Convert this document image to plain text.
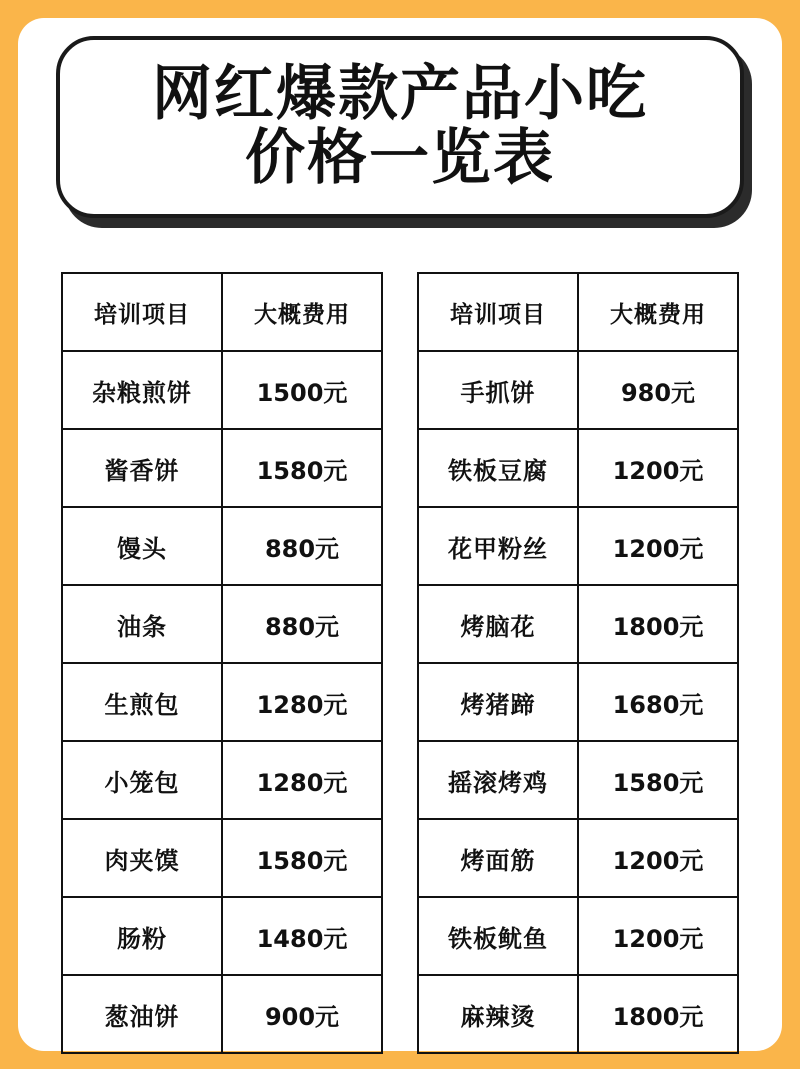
网红爆款产品小吃
价格一览表
培训项目	大概费用
杂粮煎饼	1500元
酱香饼	1580元
馒头	880元
油条	880元
生煎包	1280元
小笼包	1280元
肉夹馍	1580元
肠粉	1480元
葱油饼	900元
培训项目	大概费用
手抓饼	980元
铁板豆腐	1200元
花甲粉丝	1200元
烤脑花	1800元
烤猪蹄	1680元
摇滚烤鸡	1580元
烤面筋	1200元
铁板鱿鱼	1200元
麻辣烫	1800元
